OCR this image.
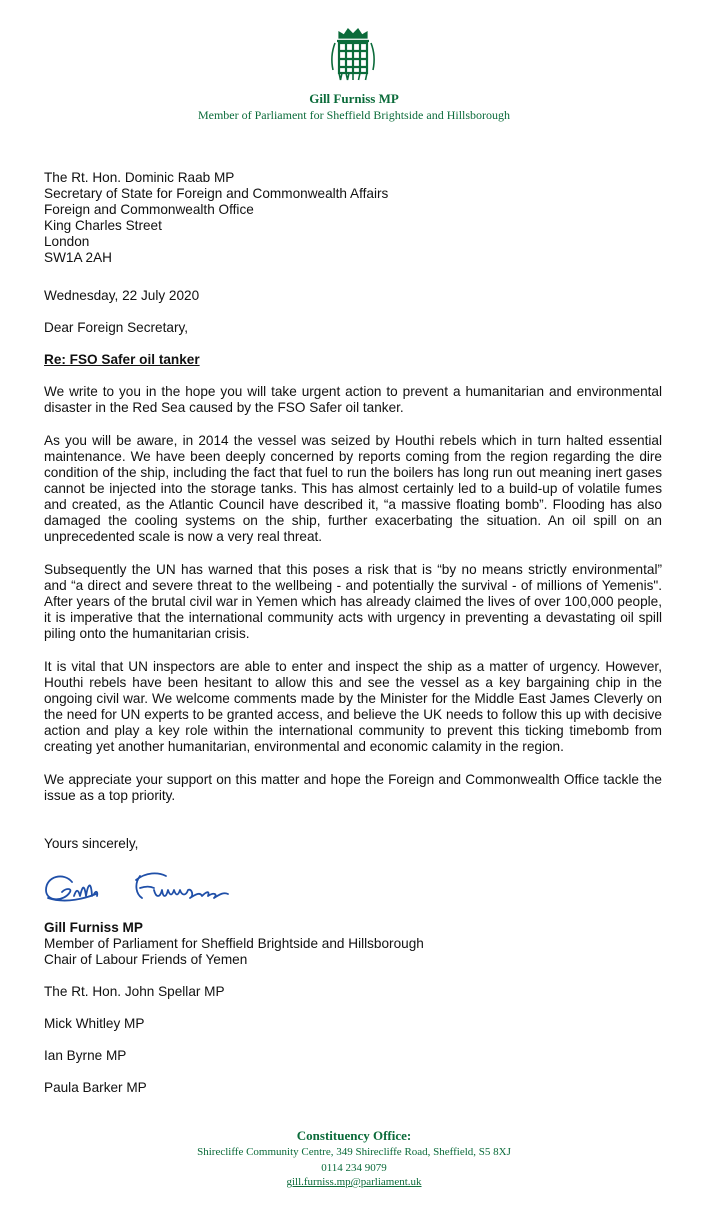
Gill Furniss MP
Member of Parliament for Sheffield Brightside and Hillsborough
The Rt. Hon. Dominic Raab MP
Secretary of State for Foreign and Commonwealth Affairs
Foreign and Commonwealth Office
King Charles Street
London
SW1A 2AH
Wednesday, 22 July 2020
Dear Foreign Secretary,
Re: FSO Safer oil tanker

We write to you in the hope you will take urgent action to prevent a humanitarian and environmental disaster in the Red Sea caused by the FSO Safer oil tanker.

As you will be aware, in 2014 the vessel was seized by Houthi rebels which in turn halted essential maintenance. We have been deeply concerned by reports coming from the region regarding the dire condition of the ship, including the fact that fuel to run the boilers has long run out meaning inert gases cannot be injected into the storage tanks. This has almost certainly led to a build-up of volatile fumes and created, as the Atlantic Council have described it, “a massive floating bomb”. Flooding has also damaged the cooling systems on the ship, further exacerbating the situation. An oil spill on an unprecedented scale is now a very real threat.

Subsequently the UN has warned that this poses a risk that is “by no means strictly environmental” and “a direct and severe threat to the wellbeing - and potentially the survival - of millions of Yemenis". After years of the brutal civil war in Yemen which has already claimed the lives of over 100,000 people, it is imperative that the international community acts with urgency in preventing a devastating oil spill piling onto the humanitarian crisis.

It is vital that UN inspectors are able to enter and inspect the ship as a matter of urgency. However, Houthi rebels have been hesitant to allow this and see the vessel as a key bargaining chip in the ongoing civil war. We welcome comments made by the Minister for the Middle East James Cleverly on the need for UN experts to be granted access, and believe the UK needs to follow this up with decisive action and play a key role within the international community to prevent this ticking timebomb from creating yet another humanitarian, environmental and economic calamity in the region.

We appreciate your support on this matter and hope the Foreign and Commonwealth Office tackle the issue as a top priority.

Yours sincerely,
Gill Furniss MP
Member of Parliament for Sheffield Brightside and Hillsborough
Chair of Labour Friends of Yemen
The Rt. Hon. John Spellar MP
Mick Whitley MP
Ian Byrne MP
Paula Barker MP
Constituency Office:
Shirecliffe Community Centre, 349 Shirecliffe Road, Sheffield, S5 8XJ
0114 234 9079
gill.furniss.mp@parliament.uk
